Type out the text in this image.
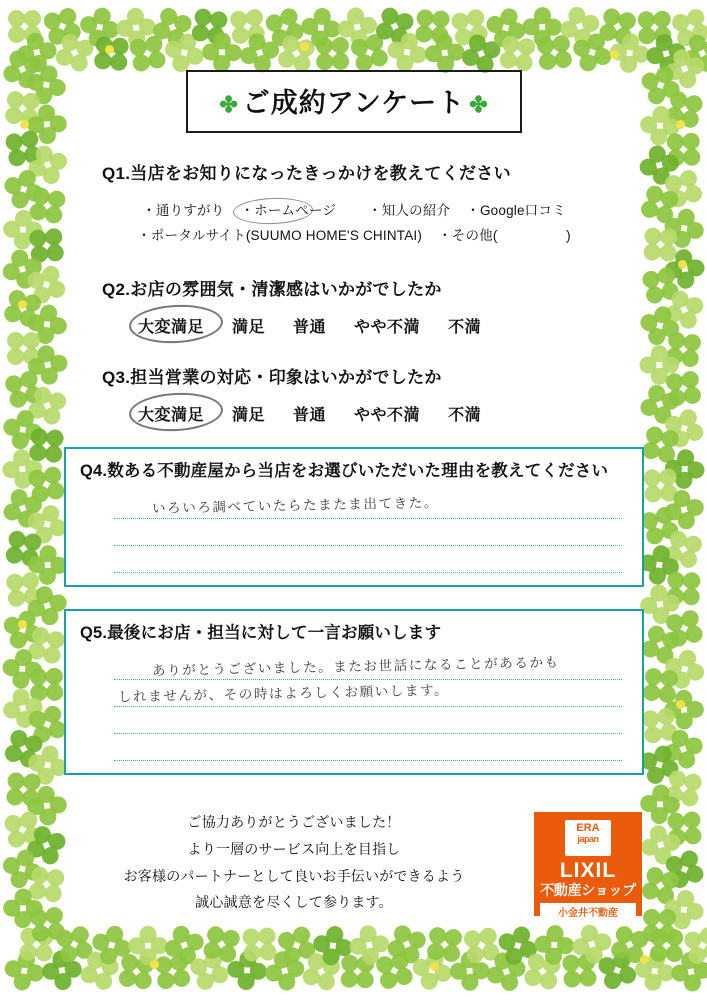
✤ ご成約アンケート ✤
Q1.当店をお知りになったきっかけを教えてください
・通りすがり ・ホームページ ・知人の紹介 ・Google口コミ
・ポータルサイト(SUUMO HOME'S CHINTAI) ・その他(　　　　　)
Q2.お店の雰囲気・清潔感はいかがでしたか
大変満足 満足 普通 やや不満 不満
Q3.担当営業の対応・印象はいかがでしたか
大変満足 満足 普通 やや不満 不満
Q4.数ある不動産屋から当店をお選びいただいた理由を教えてください
いろいろ調べていたらたまたま出てきた。
Q5.最後にお店・担当に対して一言お願いします
ありがとうございました。またお世話になることがあるかも
しれませんが、その時はよろしくお願いします。
ご協力ありがとうございました！
より一層のサービス向上を目指し
お客様のパートナーとして良いお手伝いができるよう
誠心誠意を尽くして参ります。
ERA
japan
LIXIL
不動産ショップ
小金井不動産
